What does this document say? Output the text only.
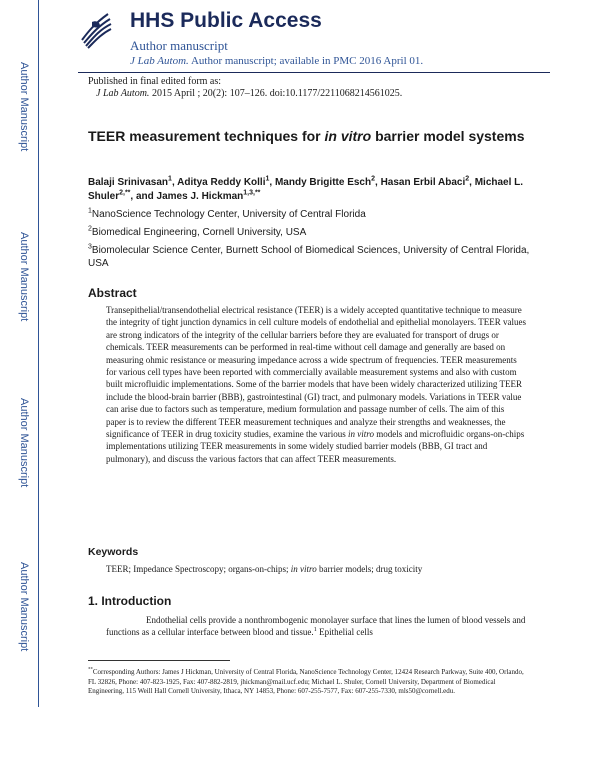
Author Manuscript
Author Manuscript
Author Manuscript
Author Manuscript
HHS Public Access
Author manuscript
J Lab Autom. Author manuscript; available in PMC 2016 April 01.
Published in final edited form as:
J Lab Autom. 2015 April ; 20(2): 107–126. doi:10.1177/2211068214561025.
TEER measurement techniques for in vitro barrier model systems
Balaji Srinivasan$^1$, Aditya Reddy Kolli$^1$, Mandy Brigitte Esch$^2$, Hasan Erbil Abaci$^2$, Michael L. Shuler$^{2,**}$, and James J. Hickman$^{1,3,**}$
$^1$NanoScience Technology Center, University of Central Florida
$^2$Biomedical Engineering, Cornell University, USA
$^3$Biomolecular Science Center, Burnett School of Biomedical Sciences, University of Central Florida, USA
Abstract
Transepithelial/transendothelial electrical resistance (TEER) is a widely accepted quantitative technique to measure the integrity of tight junction dynamics in cell culture models of endothelial and epithelial monolayers. TEER values are strong indicators of the integrity of the cellular barriers before they are evaluated for transport of drugs or chemicals. TEER measurements can be performed in real-time without cell damage and generally are based on measuring ohmic resistance or measuring impedance across a wide spectrum of frequencies. TEER measurements for various cell types have been reported with commercially available measurement systems and also with custom built microfluidic implementations. Some of the barrier models that have been widely characterized utilizing TEER include the blood-brain barrier (BBB), gastrointestinal (GI) tract, and pulmonary models. Variations in TEER value can arise due to factors such as temperature, medium formulation and passage number of cells. The aim of this paper is to review the different TEER measurement techniques and analyze their strengths and weaknesses, the significance of TEER in drug toxicity studies, examine the various in vitro models and microfluidic organs-on-chips implementations utilizing TEER measurements in some widely studied barrier models (BBB, GI tract and pulmonary), and discuss the various factors that can affect TEER measurements.
Keywords
TEER; Impedance Spectroscopy; organs-on-chips; in vitro barrier models; drug toxicity
1. Introduction
Endothelial cells provide a nonthrombogenic monolayer surface that lines the lumen of blood vessels and functions as a cellular interface between blood and tissue.$^1$ Epithelial cells
**Corresponding Authors: James J Hickman, University of Central Florida, NanoScience Technology Center, 12424 Research Parkway, Suite 400, Orlando, FL 32826, Phone: 407-823-1925, Fax: 407-882-2819, jhickman@mail.ucf.edu; Michael L. Shuler, Cornell University, Department of Biomedical Engineering, 115 Weill Hall Cornell University, Ithaca, NY 14853, Phone: 607-255-7577, Fax: 607-255-7330, mls50@cornell.edu.
